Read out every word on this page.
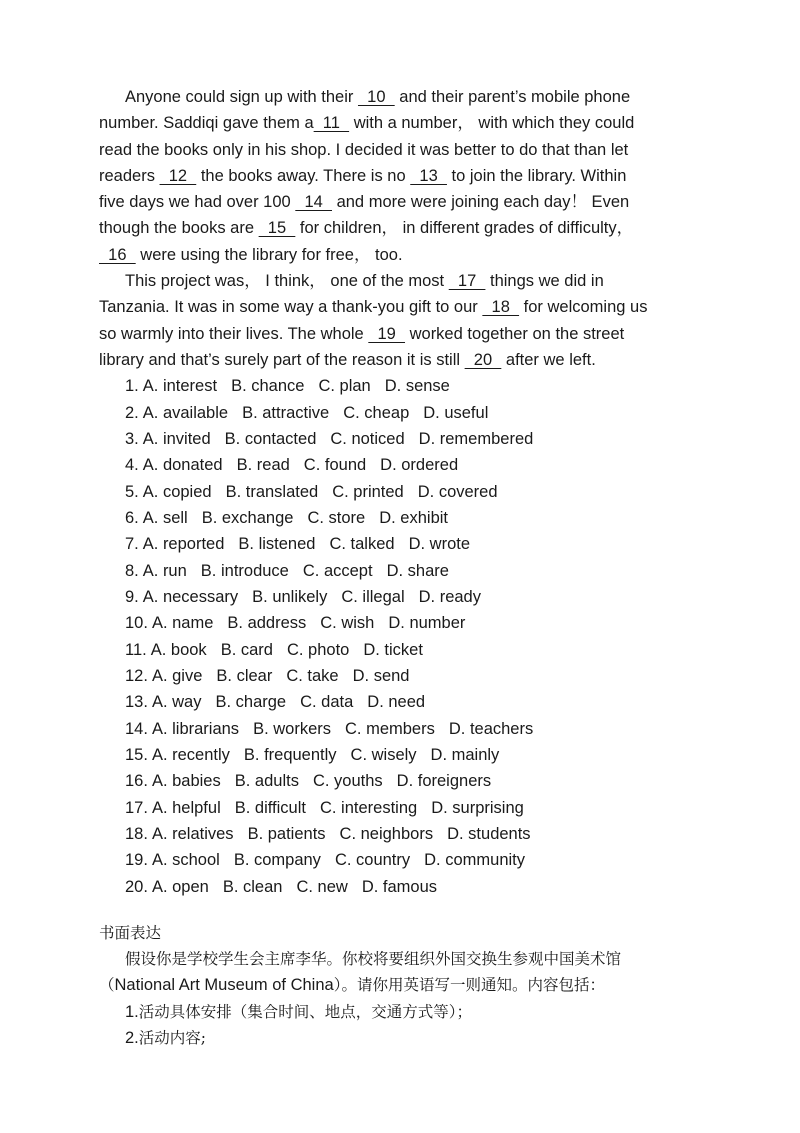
Anyone could sign up with their   10   and their parent’s mobile phone

number. Saddiqi gave them a  11   with a number， with which they could

read the books only in his shop. I decided it was better to do that than let

readers   12   the books away. There is no   13   to join the library. Within

five days we had over 100   14   and more were joining each day！ Even

though the books are   15   for children， in different grades of difficulty，

16   were using the library for free， too.

This project was， I think， one of the most   17   things we did in

Tanzania. It was in some way a thank-you gift to our   18   for welcoming us

so warmly into their lives. The whole   19   worked together on the street

library and that’s surely part of the reason it is still   20   after we left.

1. A. interest B. chance C. plan D. sense
2. A. available B. attractive C. cheap D. useful
3. A. invited B. contacted C. noticed D. remembered
4. A. donated B. read C. found D. ordered
5. A. copied B. translated C. printed D. covered
6. A. sell B. exchange C. store D. exhibit
7. A. reported B. listened C. talked D. wrote
8. A. run B. introduce C. accept D. share
9. A. necessary B. unlikely C. illegal D. ready
10. A. name B. address C. wish D. number
11. A. book B. card C. photo D. ticket
12. A. give B. clear C. take D. send
13. A. way B. charge C. data D. need
14. A. librarians B. workers C. members D. teachers
15. A. recently B. frequently C. wisely D. mainly
16. A. babies B. adults C. youths D. foreigners
17. A. helpful B. difficult C. interesting D. surprising
18. A. relatives B. patients C. neighbors D. students
19. A. school B. company C. country D. community
20. A. open B. clean C. new D. famous
书面表达
假设你是学校学生会主席李华。你校将要组织外国交换生参观中国美术馆
（National Art Museum of China）。请你用英语写一则通知。内容包括：
1.活动具体安排（集合时间、地点，交通方式等）；
2.活动内容;
